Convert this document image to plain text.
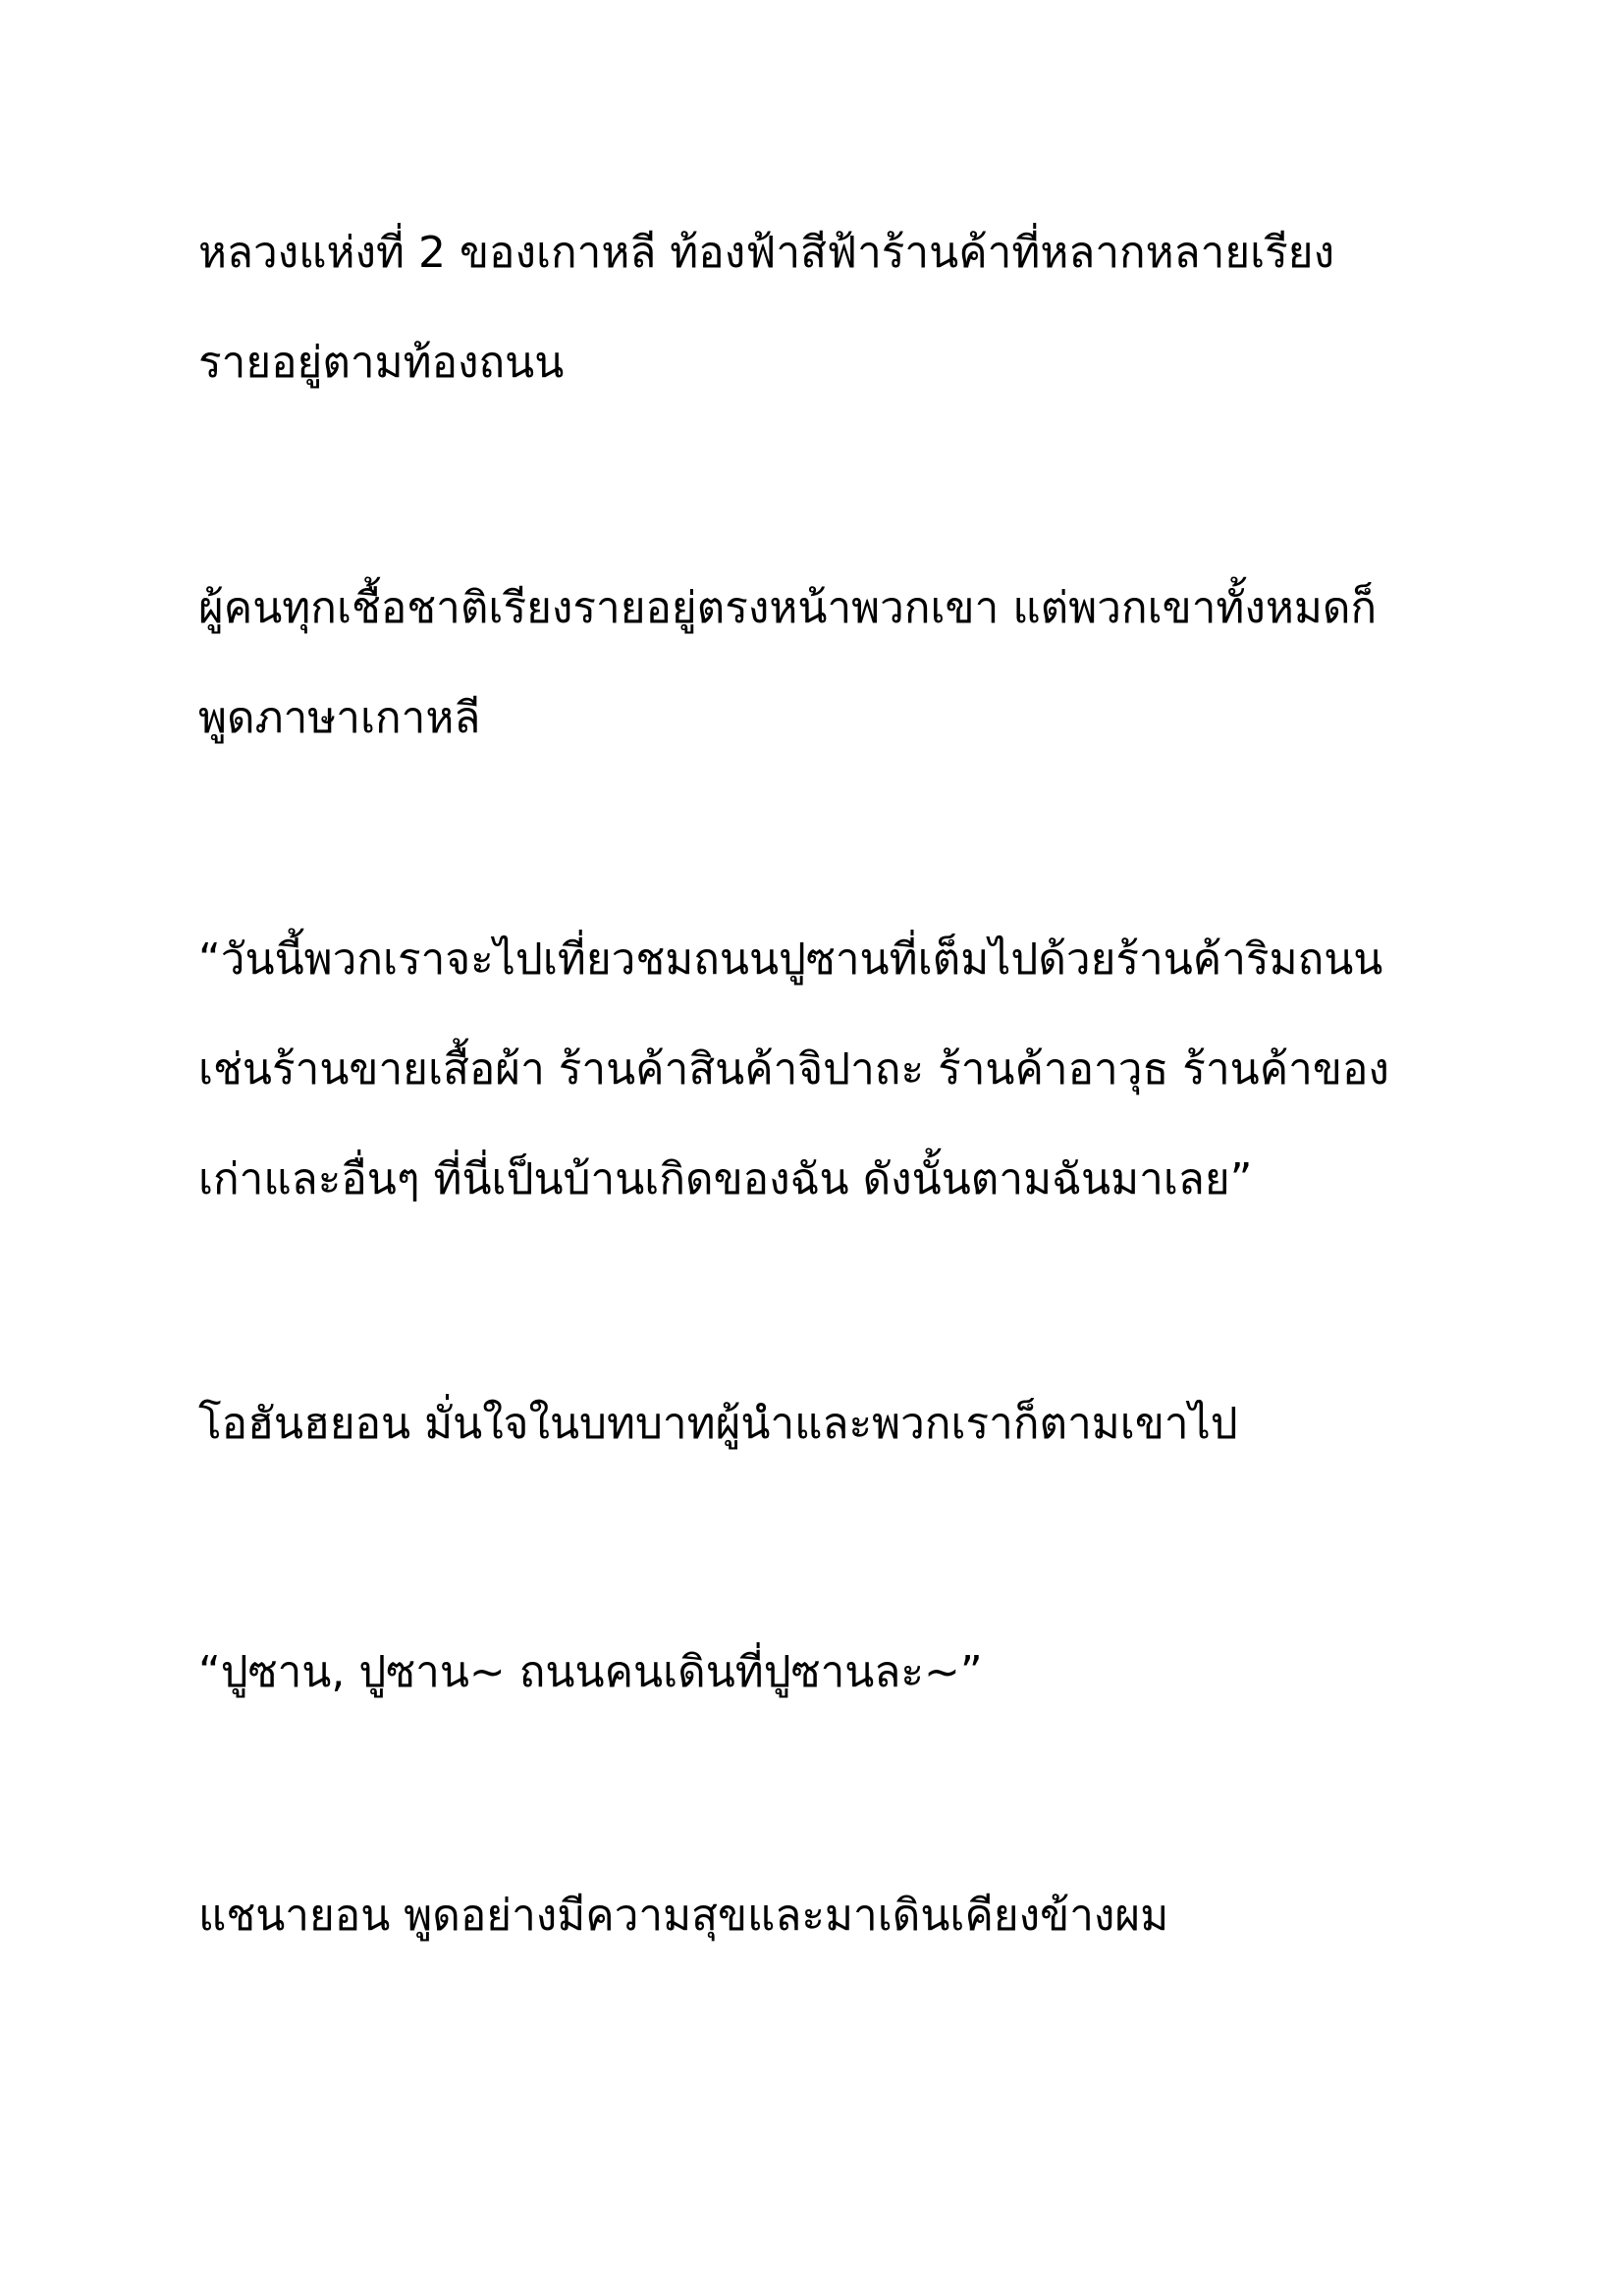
หลวงแห่งที่ 2 ของเกาหลี ท้องฟ้าสีฟ้าร้านค้าที่หลากหลายเรียง

รายอยู่ตามท้องถนน

ผู้คนทุกเชื้อชาติเรียงรายอยู่ตรงหน้าพวกเขา แต่พวกเขาทั้งหมดก็

พูดภาษาเกาหลี

“วันนี้พวกเราจะไปเที่ยวชมถนนปูซานที่เต็มไปด้วยร้านค้าริมถนน

เช่นร้านขายเสื้อผ้า ร้านค้าสินค้าจิปาถะ ร้านค้าอาวุธ ร้านค้าของ

เก่าและอื่นๆ ที่นี่เป็นบ้านเกิดของฉัน ดังนั้นตามฉันมาเลย”

โอฮันฮยอน มั่นใจในบทบาทผู้นำและพวกเราก็ตามเขาไป

“ปูซาน, ปูซาน~ ถนนคนเดินที่ปูซานละ~”

แชนายอน พูดอย่างมีความสุขและมาเดินเคียงข้างผม
